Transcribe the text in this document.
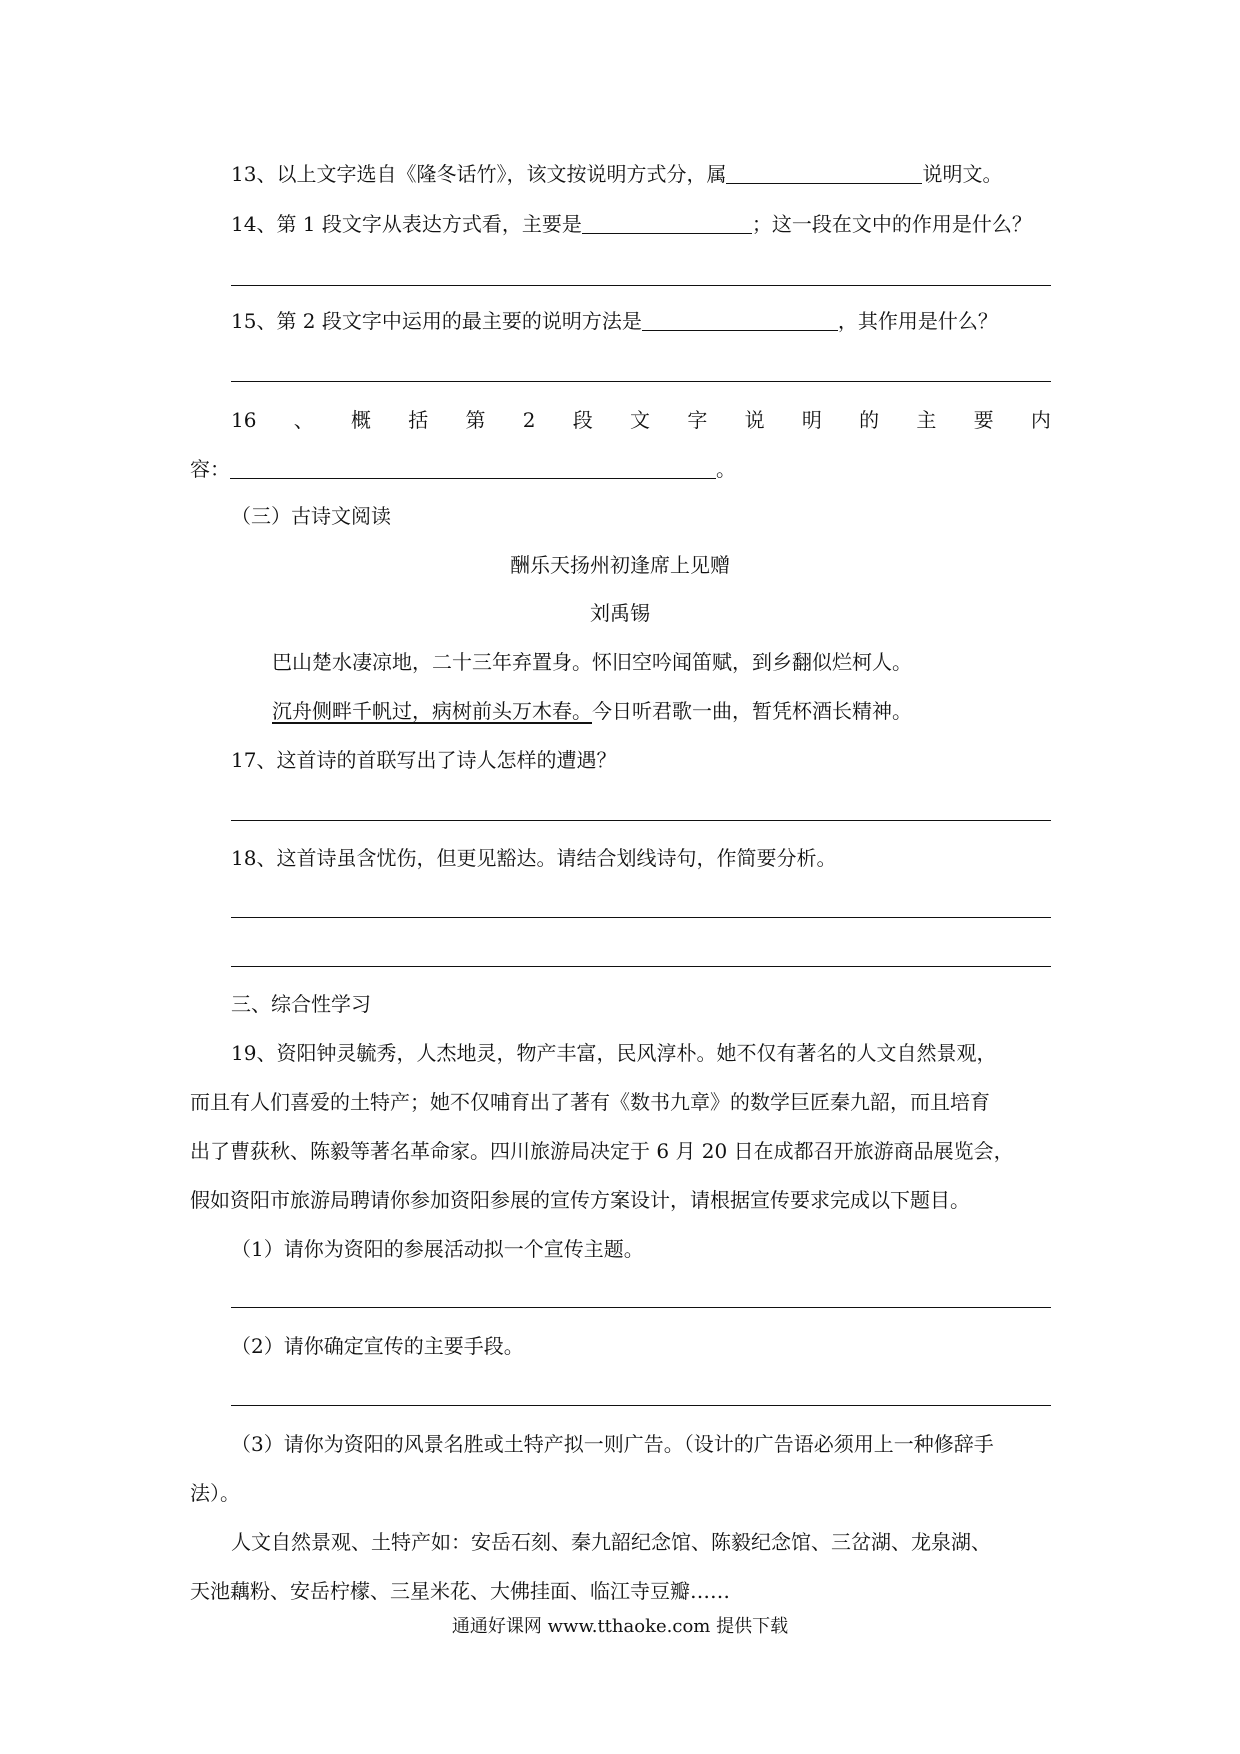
13、以上文字选自《隆冬话竹》，该文按说明方式分，属	说明文。
14、第 1 段文字从表达方式看，主要是	；这一段在文中的作用是什么？
15、第 2 段文字中运用的最主要的说明方法是	，其作用是什么？
16 、 概 括 第 2 段 文 字 说 明 的 主 要 内
容：	。
（三）古诗文阅读
酬乐天扬州初逢席上见赠
刘禹锡
巴山楚水凄凉地，二十三年弃置身。怀旧空吟闻笛赋，到乡翻似烂柯人。
沉舟侧畔千帆过，病树前头万木春。今日听君歌一曲，暂凭杯酒长精神。
17、这首诗的首联写出了诗人怎样的遭遇？
18、这首诗虽含忧伤，但更见豁达。请结合划线诗句，作简要分析。
三、综合性学习
19、资阳钟灵毓秀，人杰地灵，物产丰富，民风淳朴。她不仅有著名的人文自然景观，
而且有人们喜爱的土特产；她不仅哺育出了著有《数书九章》的数学巨匠秦九韶，而且培育
出了曹荻秋、陈毅等著名革命家。四川旅游局决定于 6 月 20 日在成都召开旅游商品展览会，
假如资阳市旅游局聘请你参加资阳参展的宣传方案设计，请根据宣传要求完成以下题目。
（1）请你为资阳的参展活动拟一个宣传主题。
（2）请你确定宣传的主要手段。
（3）请你为资阳的风景名胜或土特产拟一则广告。（设计的广告语必须用上一种修辞手
法）。
人文自然景观、土特产如：安岳石刻、秦九韶纪念馆、陈毅纪念馆、三岔湖、龙泉湖、
天池藕粉、安岳柠檬、三星米花、大佛挂面、临江寺豆瓣……
通通好课网 www.tthaoke.com 提供下载
